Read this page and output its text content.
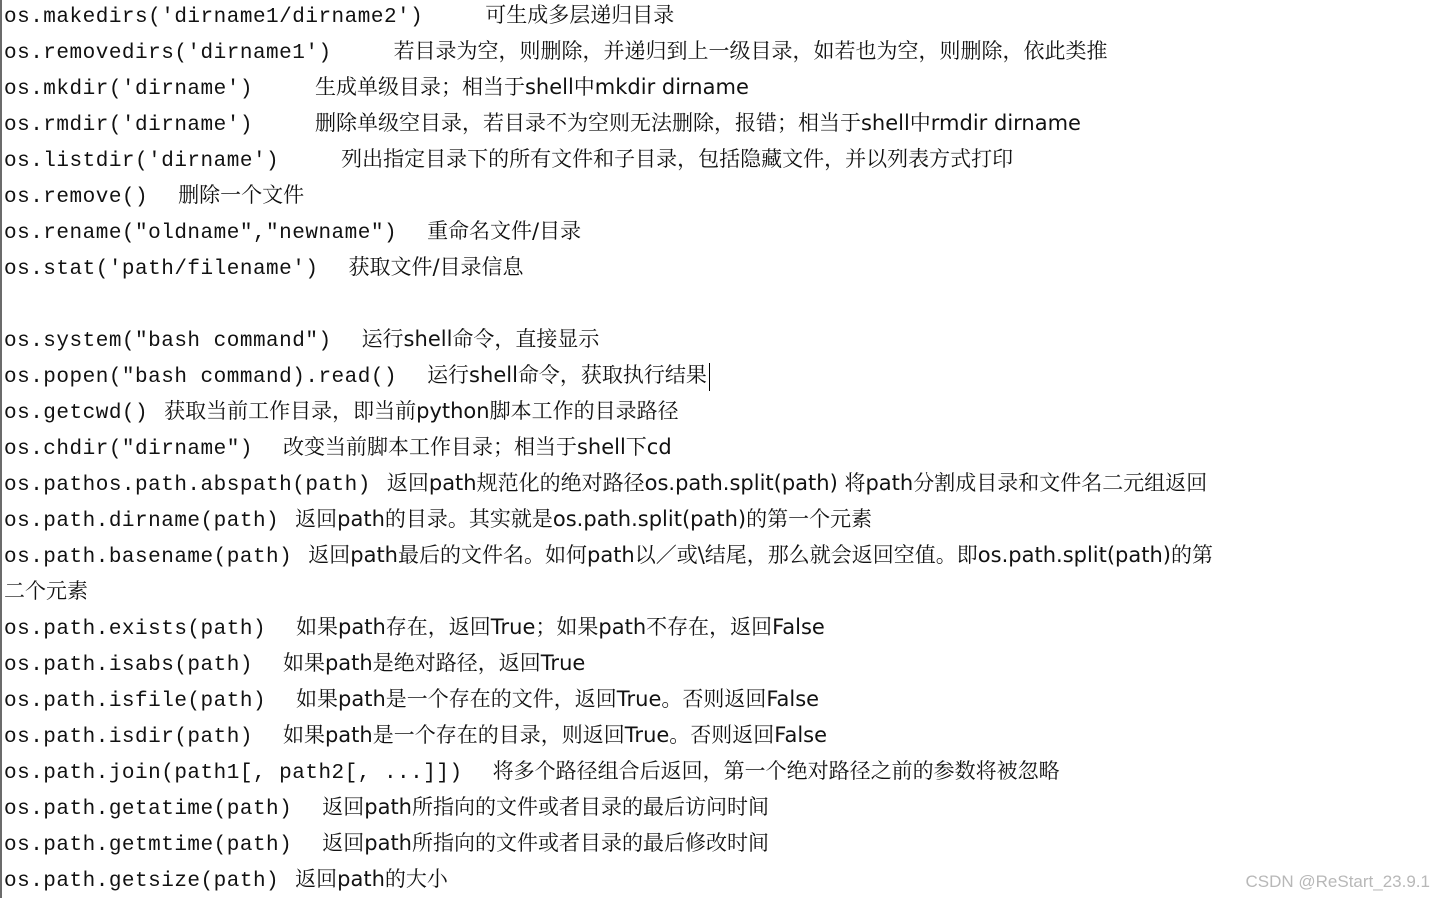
os.makedirs('dirname1/dirname2')	可生成多层递归目录
os.removedirs('dirname1')	若目录为空，则删除，并递归到上一级目录，如若也为空，则删除，依此类推
os.mkdir('dirname')	生成单级目录；相当于shell中mkdir dirname
os.rmdir('dirname')	删除单级空目录，若目录不为空则无法删除，报错；相当于shell中rmdir dirname
os.listdir('dirname')	列出指定目录下的所有文件和子目录，包括隐藏文件，并以列表方式打印
os.remove() 删除一个文件
os.rename("oldname","newname") 重命名文件/目录
os.stat('path/filename') 获取文件/目录信息
os.system("bash command") 运行shell命令，直接显示
os.popen("bash command).read() 运行shell命令，获取执行结果
os.getcwd() 获取当前工作目录，即当前python脚本工作的目录路径
os.chdir("dirname") 改变当前脚本工作目录；相当于shell下cd
os.pathos.path.abspath(path) 返回path规范化的绝对路径os.path.split(path) 将path分割成目录和文件名二元组返回
os.path.dirname(path) 返回path的目录。其实就是os.path.split(path)的第一个元素
os.path.basename(path) 返回path最后的文件名。如何path以／或\结尾，那么就会返回空值。即os.path.split(path)的第
二个元素
os.path.exists(path) 如果path存在，返回True；如果path不存在，返回False
os.path.isabs(path) 如果path是绝对路径，返回True
os.path.isfile(path) 如果path是一个存在的文件，返回True。否则返回False
os.path.isdir(path) 如果path是一个存在的目录，则返回True。否则返回False
os.path.join(path1[, path2[, ...]]) 将多个路径组合后返回，第一个绝对路径之前的参数将被忽略
os.path.getatime(path) 返回path所指向的文件或者目录的最后访问时间
os.path.getmtime(path) 返回path所指向的文件或者目录的最后修改时间
os.path.getsize(path) 返回path的大小	CSDN @ReStart_23.9.1
